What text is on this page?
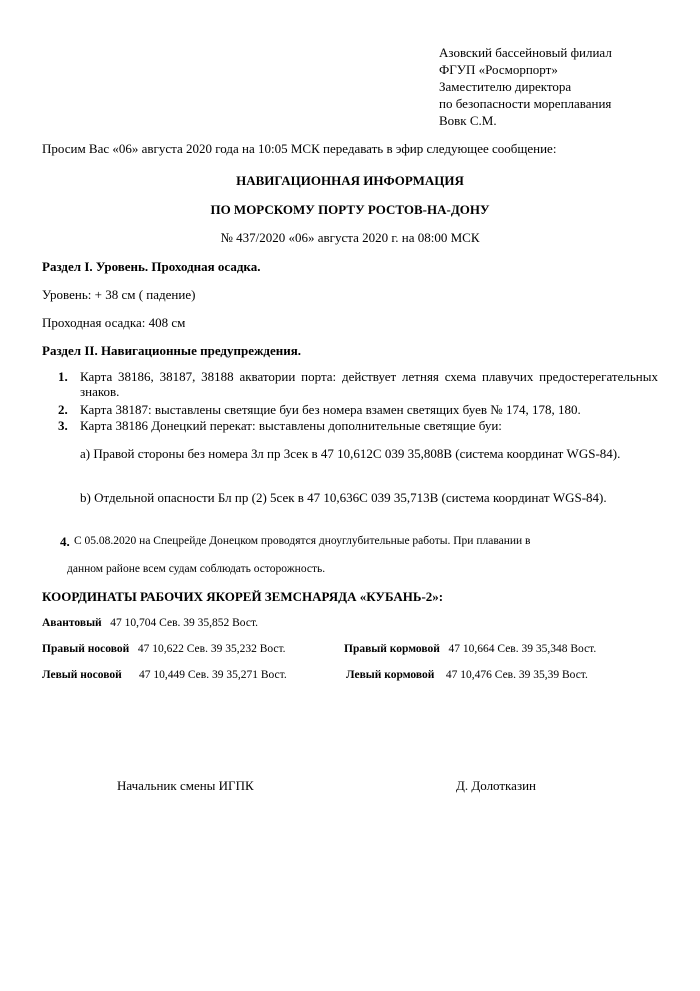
Азовский бассейновый филиал
ФГУП «Росморпорт»
Заместителю директора
по безопасности мореплавания
Вовк С.М.
Просим Вас «06» августа 2020 года на 10:05 МСК передавать в эфир следующее сообщение:
НАВИГАЦИОННАЯ ИНФОРМАЦИЯ
ПО МОРСКОМУ ПОРТУ РОСТОВ-НА-ДОНУ
№ 437/2020 «06» августа 2020 г. на 08:00 МСК
Раздел I. Уровень. Проходная осадка.
Уровень: + 38 см ( падение)
Проходная осадка: 408 см
Раздел II. Навигационные предупреждения.
1. Карта 38186, 38187, 38188 акватории порта: действует летняя схема плавучих предостерегательных знаков.
2. Карта 38187: выставлены светящие буи без номера взамен светящих буев № 174, 178, 180.
3. Карта 38186 Донецкий перекат: выставлены дополнительные светящие буи:
а) Правой стороны без номера Зл пр 3сек в 47 10,612С 039 35,808В (система координат WGS-84).
b) Отдельной опасности Бл пр (2) 5сек в 47 10,636С 039 35,713В (система координат WGS-84).
4. С 05.08.2020 на Спецрейде Донецком проводятся дноуглубительные работы. При плавании в
данном районе всем судам соблюдать осторожность.
КООРДИНАТЫ РАБОЧИХ ЯКОРЕЙ ЗЕМСНАРЯДА «КУБАНЬ-2»:
Авантовый 47 10,704 Сев. 39 35,852 Вост.
Правый носовой 47 10,622 Сев. 39 35,232 Вост.	Правый кормовой 47 10,664 Сев. 39 35,348 Вост.
Левый носовой 47 10,449 Сев. 39 35,271 Вост.	Левый кормовой 47 10,476 Сев. 39 35,39 Вост.
Начальник смены ИГПК	Д. Долотказин
